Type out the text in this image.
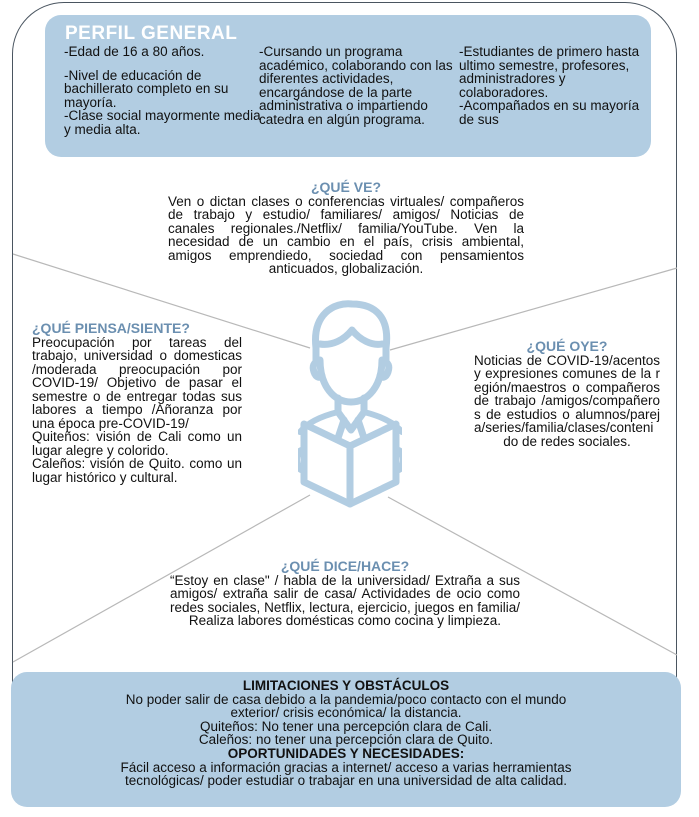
PERFIL GENERAL

-Edad de 16 a 80 años.

-Nivel de educación de bachillerato completo en su mayoría.

-Clase social mayormente media y media alta.

-Cursando un programa académico, colaborando con las diferentes actividades, encargándose de la parte administrativa o impartiendo catedra en algún programa.

-Estudiantes de primero hasta ultimo semestre, profesores, administradores y colaboradores.

-Acompañados en su mayoría de sus

¿QUÉ VE?
Ven o dictan clases o conferencias virtuales/ compañeros de trabajo y estudio/ familiares/ amigos/ Noticias de canales regionales./Netflix/ familia/YouTube. Ven la necesidad de un cambio en el país, crisis ambiental, amigos emprendiedo, sociedad con pensamientos anticuados, globalización.
¿QUÉ PIENSA/SIENTE?
Preocupación por tareas del trabajo, universidad o domesticas /moderada preocupación por COVID-19/ Objetivo de pasar el semestre o de entregar todas sus labores a tiempo /Añoranza por una época pre-COVID-19/
Quiteños: visión de Cali como un lugar alegre y colorido.
Caleños: visión de Quito. como un lugar histórico y cultural.
¿QUÉ OYE?
Noticias de COVID-19/acentos y expresiones comunes de la región/maestros o compañeros de trabajo /amigos/compañeros de estudios o alumnos/pareja/series/familia/clases/contenido de redes sociales.
¿QUÉ DICE/HACE?
“Estoy en clase" / habla de la universidad/ Extraña a sus amigos/ extraña salir de casa/ Actividades de ocio como redes sociales, Netflix, lectura, ejercicio, juegos en familia/ Realiza labores domésticas como cocina y limpieza.

LIMITACIONES Y OBSTÁCULOS

No poder salir de casa debido a la pandemia/poco contacto con el mundo

exterior/ crisis económica/ la distancia.

Quiteños: No tener una percepción clara de Cali.

Caleños: no tener una percepción clara de Quito.

OPORTUNIDADES Y NECESIDADES:

Fácil acceso a información gracias a internet/ acceso a varias herramientas

tecnológicas/ poder estudiar o trabajar en una universidad de alta calidad.
